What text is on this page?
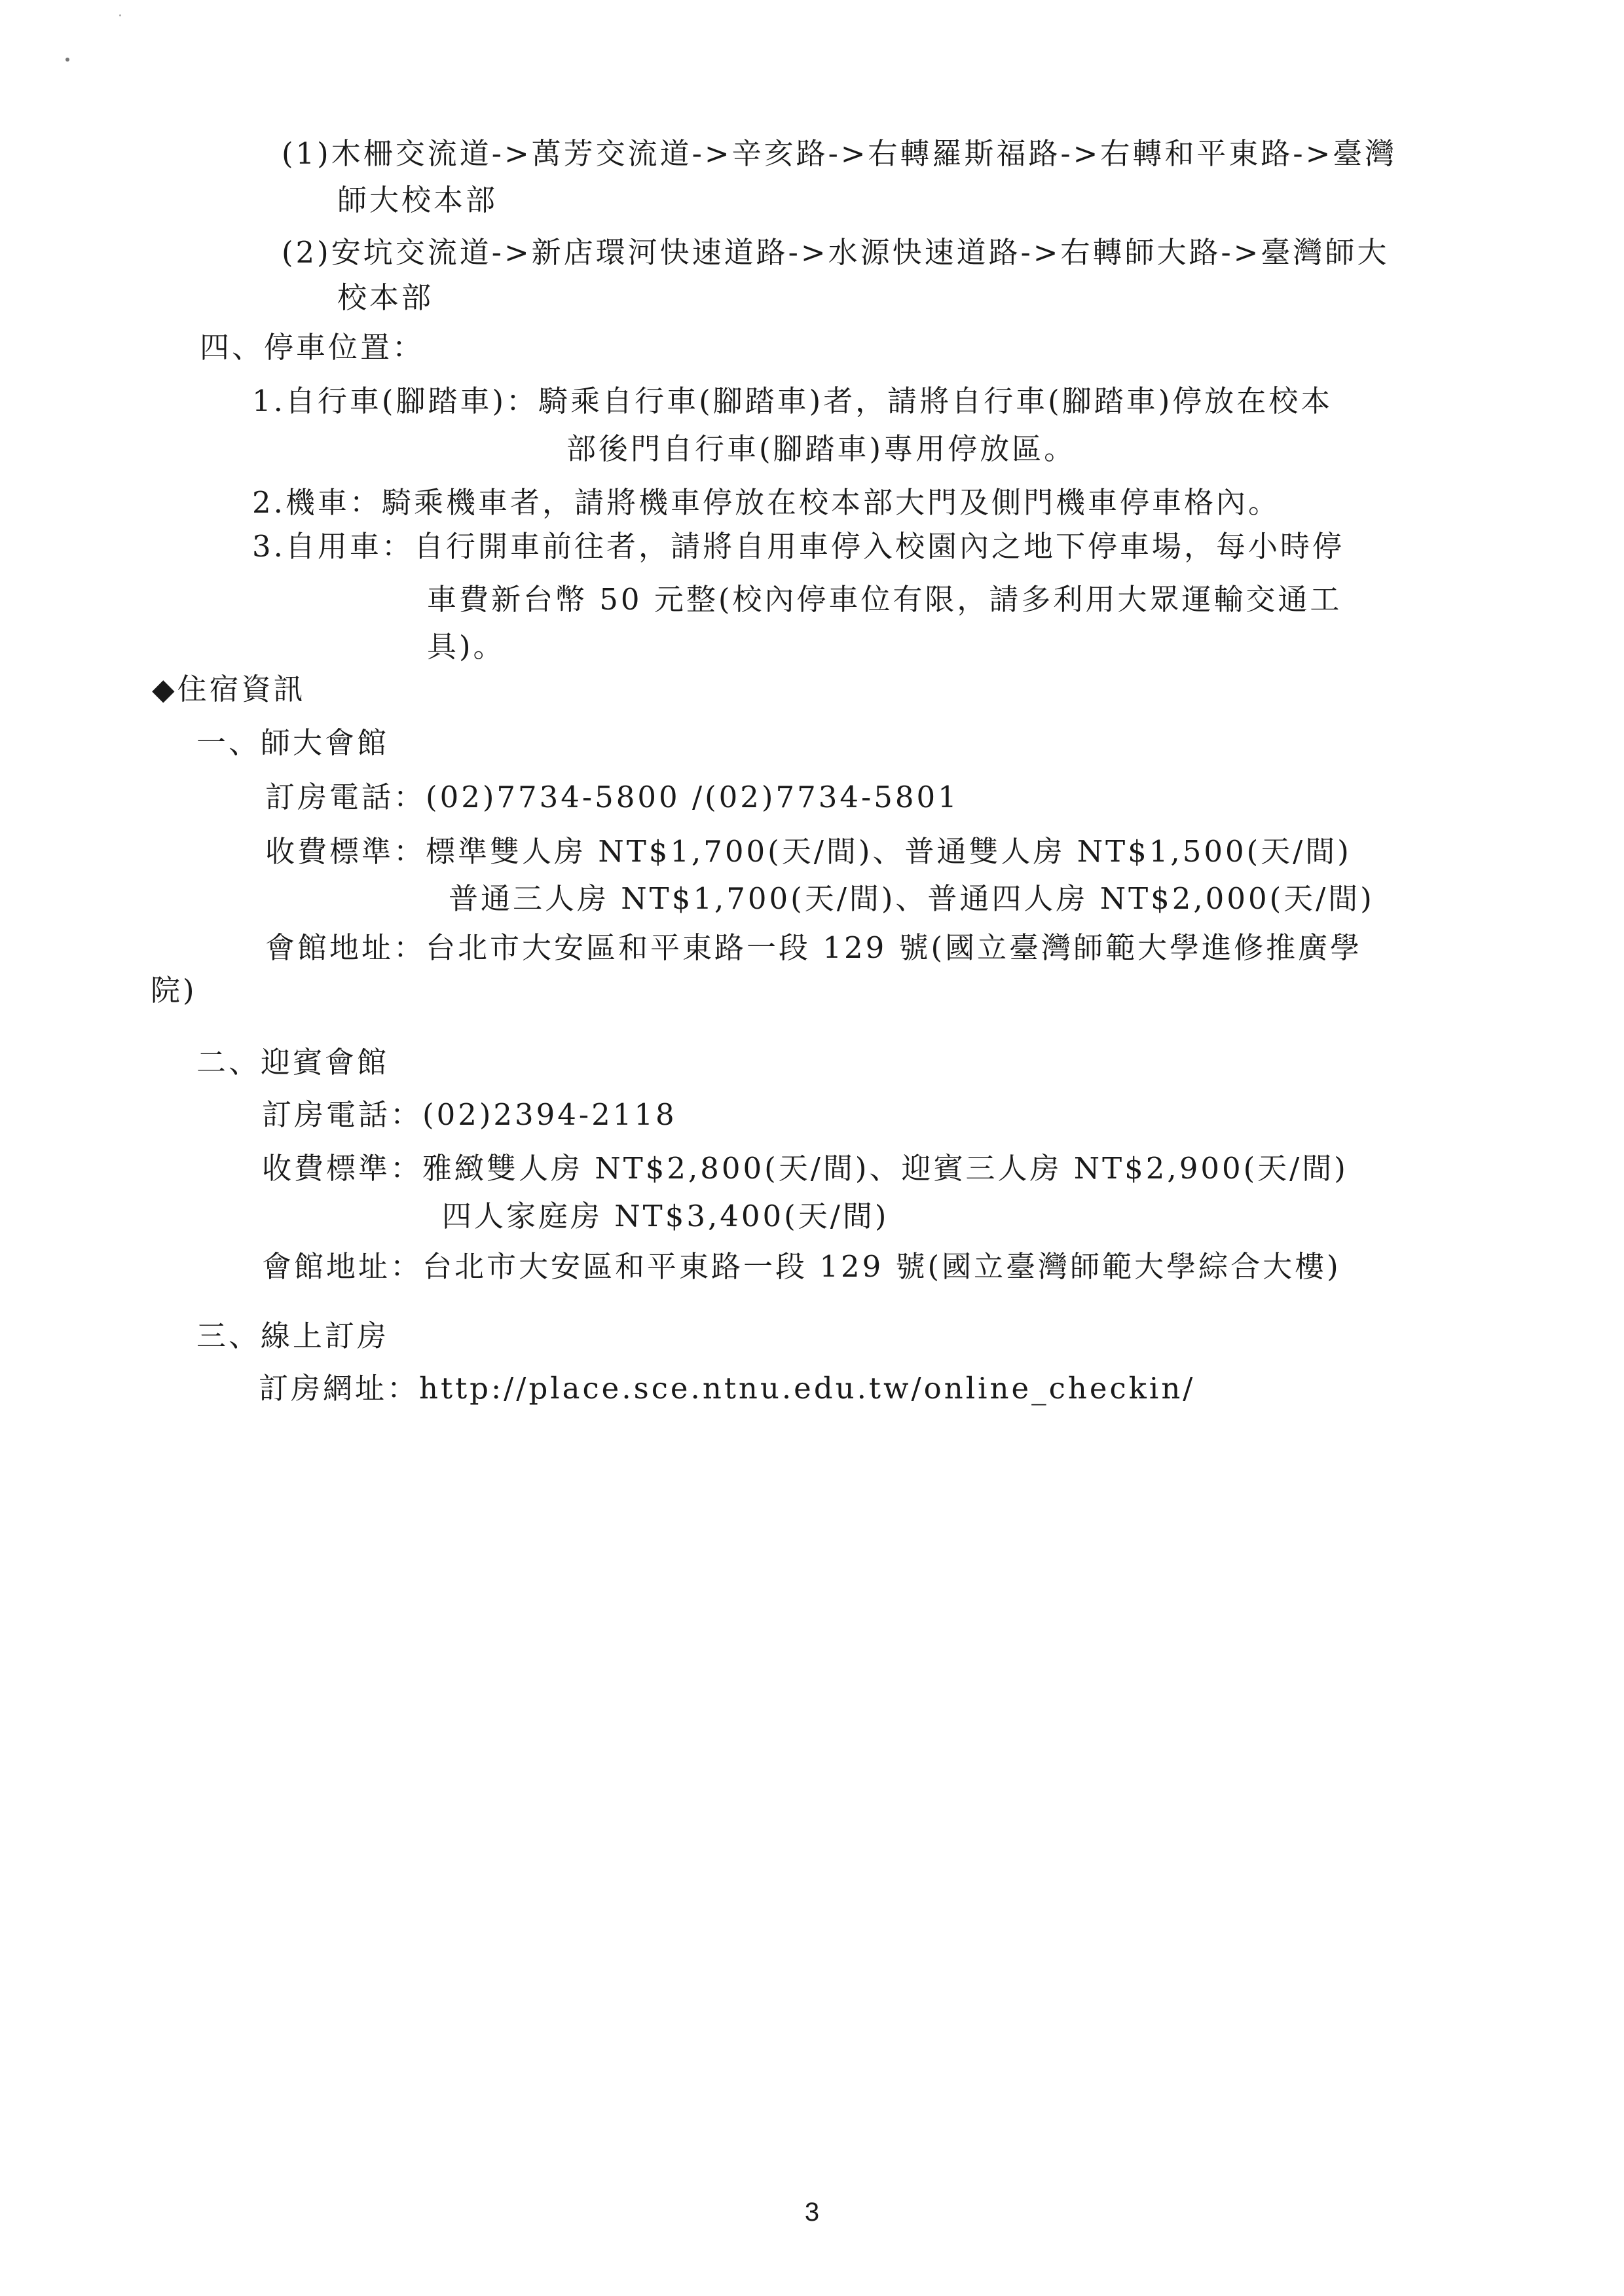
(1)木柵交流道->萬芳交流道->辛亥路->右轉羅斯福路->右轉和平東路->臺灣
師大校本部
(2)安坑交流道->新店環河快速道路->水源快速道路->右轉師大路->臺灣師大
校本部
四、停車位置：
1.自行車(腳踏車)：騎乘自行車(腳踏車)者，請將自行車(腳踏車)停放在校本
部後門自行車(腳踏車)專用停放區。
2.機車：騎乘機車者，請將機車停放在校本部大門及側門機車停車格內。
3.自用車：自行開車前往者，請將自用車停入校園內之地下停車場，每小時停
車費新台幣 50 元整(校內停車位有限，請多利用大眾運輸交通工
具)。
◆住宿資訊
一、師大會館
訂房電話：(02)7734-5800 /(02)7734-5801
收費標準：標準雙人房 NT$1,700(天/間)、普通雙人房 NT$1,500(天/間)
普通三人房 NT$1,700(天/間)、普通四人房 NT$2,000(天/間)
會館地址：台北市大安區和平東路一段 129 號(國立臺灣師範大學進修推廣學
院)
二、迎賓會館
訂房電話：(02)2394-2118
收費標準：雅緻雙人房 NT$2,800(天/間)、迎賓三人房 NT$2,900(天/間)
四人家庭房 NT$3,400(天/間)
會館地址：台北市大安區和平東路一段 129 號(國立臺灣師範大學綜合大樓)
三、線上訂房
訂房網址：http://place.sce.ntnu.edu.tw/online_checkin/
3
